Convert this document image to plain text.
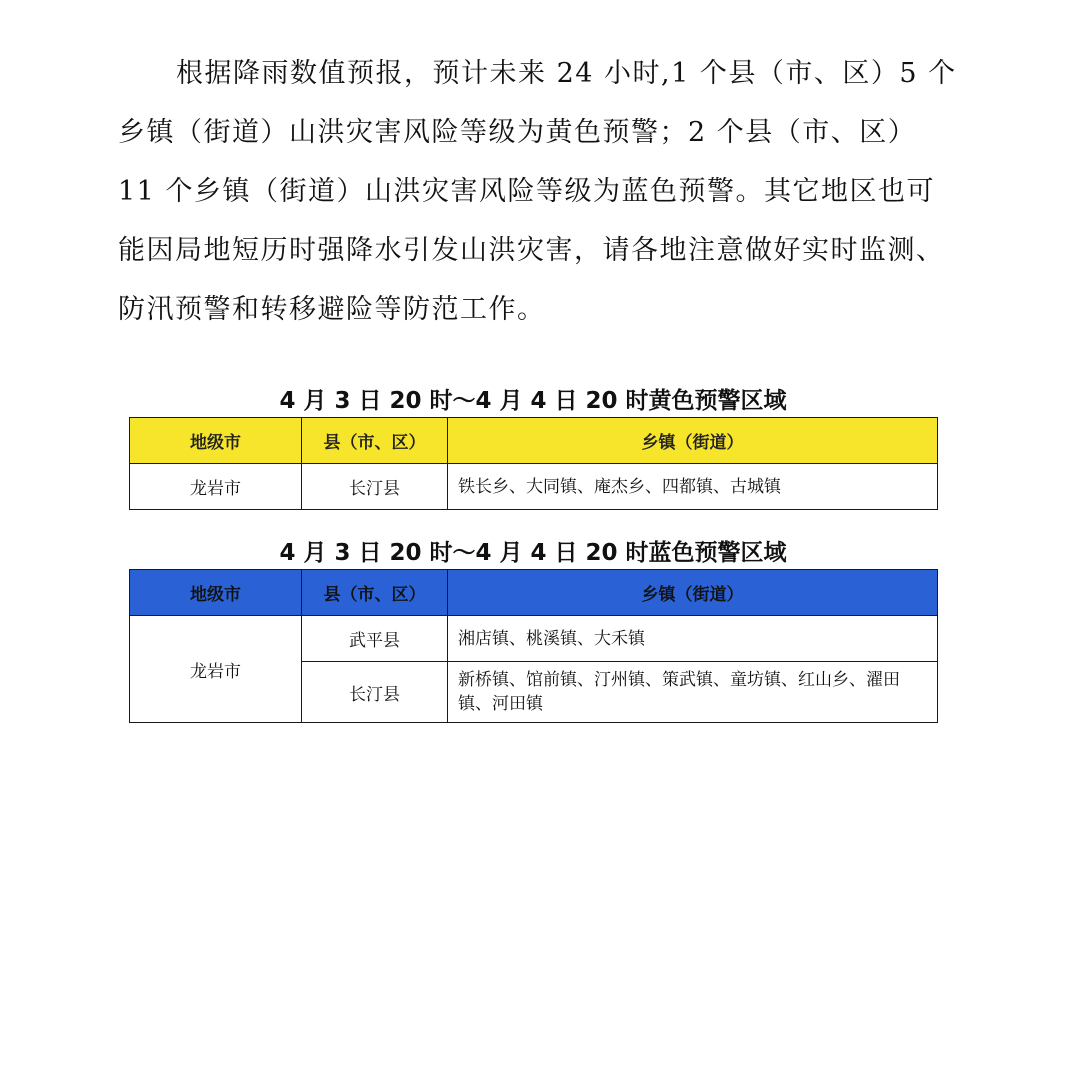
根据降雨数值预报，预计未来 24 小时,1 个县（市、区）5 个
乡镇（街道）山洪灾害风险等级为黄色预警；2 个县（市、区）
11 个乡镇（街道）山洪灾害风险等级为蓝色预警。其它地区也可
能因局地短历时强降水引发山洪灾害，请各地注意做好实时监测、
防汛预警和转移避险等防范工作。

4 月 3 日 20 时～4 月 4 日 20 时黄色预警区域

地级市	县（市、区）	乡镇（街道）
龙岩市	长汀县	铁长乡、大同镇、庵杰乡、四都镇、古城镇

4 月 3 日 20 时～4 月 4 日 20 时蓝色预警区域

地级市	县（市、区）	乡镇（街道）
龙岩市	武平县	湘店镇、桃溪镇、大禾镇
	长汀县	新桥镇、馆前镇、汀州镇、策武镇、童坊镇、红山乡、濯田镇、河田镇
